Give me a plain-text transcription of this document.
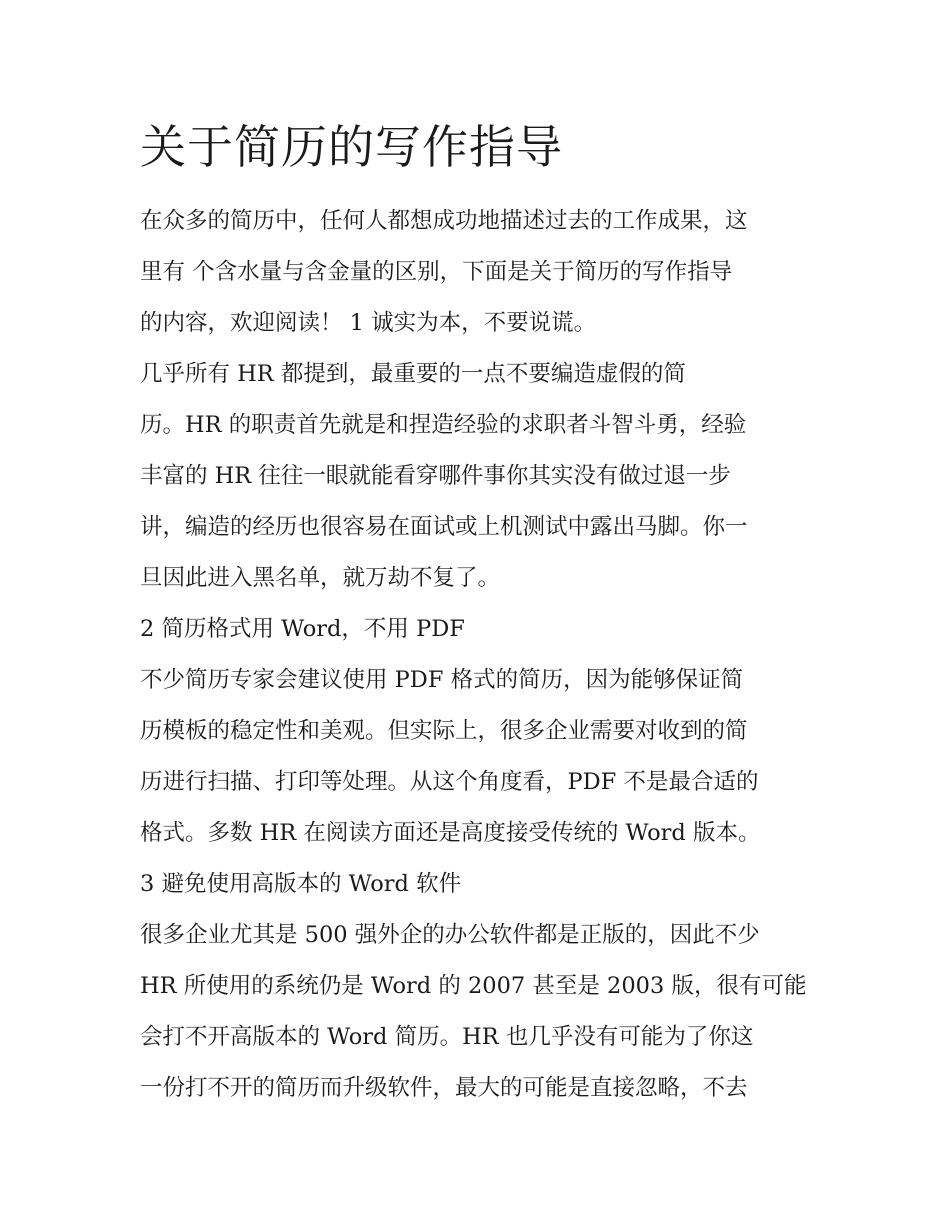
关于简历的写作指导

在众多的简历中，任何人都想成功地描述过去的工作成果，这

里有 个含水量与含金量的区别，下面是关于简历的写作指导

的内容，欢迎阅读！ 1 诚实为本，不要说谎。

几乎所有 HR 都提到，最重要的一点不要编造虚假的简

历。HR 的职责首先就是和捏造经验的求职者斗智斗勇，经验

丰富的 HR 往往一眼就能看穿哪件事你其实没有做过退一步

讲，编造的经历也很容易在面试或上机测试中露出马脚。你一

旦因此进入黑名单，就万劫不复了。

2 简历格式用 Word，不用 PDF

不少简历专家会建议使用 PDF 格式的简历，因为能够保证简

历模板的稳定性和美观。但实际上，很多企业需要对收到的简

历进行扫描、打印等处理。从这个角度看，PDF 不是最合适的

格式。多数 HR 在阅读方面还是高度接受传统的 Word 版本。

3 避免使用高版本的 Word 软件

很多企业尤其是 500 强外企的办公软件都是正版的，因此不少

HR 所使用的系统仍是 Word 的 2007 甚至是 2003 版，很有可能

会打不开高版本的 Word 简历。HR 也几乎没有可能为了你这

一份打不开的简历而升级软件，最大的可能是直接忽略，不去
